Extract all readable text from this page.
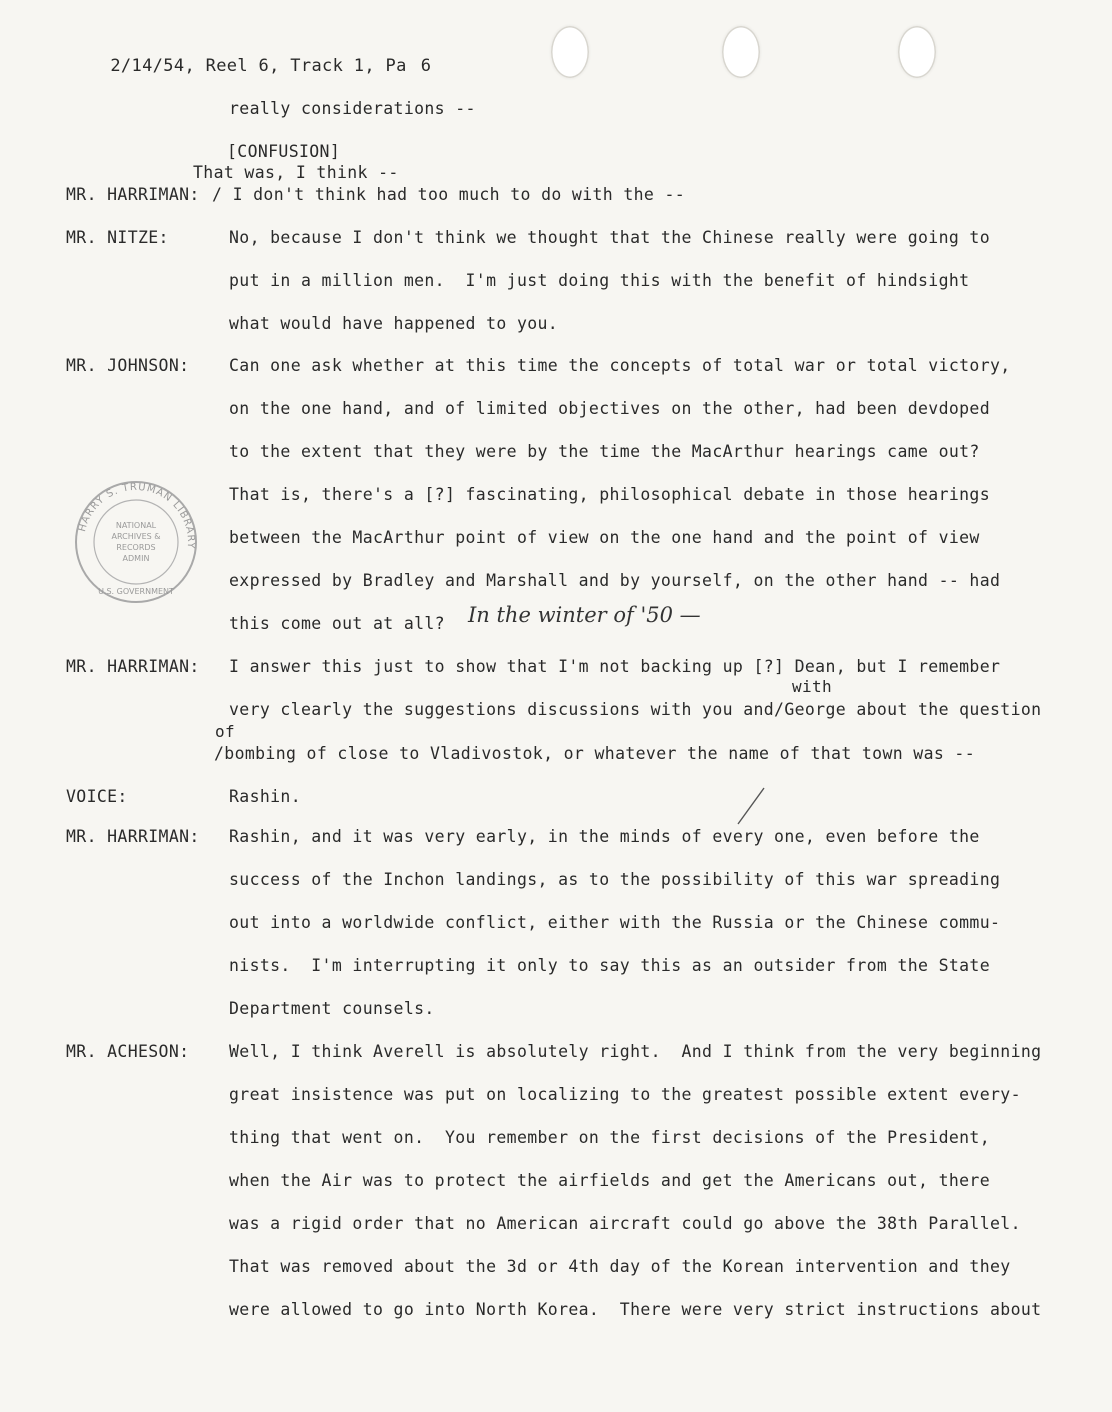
2/14/54, Reel 6, Track 1, Pa 6

MR. HARRIMAN:
MR. NITZE:
MR. JOHNSON:
MR. HARRIMAN:
VOICE:
MR. HARRIMAN:
MR. ACHESON:
really considerations --
[CONFUSION]
That was, I think --
/ I don't think had too much to do with the --
No, because I don't think we thought that the Chinese really were going to
put in a million men.  I'm just doing this with the benefit of hindsight
what would have happened to you.
Can one ask whether at this time the concepts of total war or total victory,
on the one hand, and of limited objectives on the other, had been devdoped
to the extent that they were by the time the MacArthur hearings came out?
That is, there's a [?] fascinating, philosophical debate in those hearings
between the MacArthur point of view on the one hand and the point of view
expressed by Bradley and Marshall and by yourself, on the other hand -- had
this come out at all? In the winter of '50 —
I answer this just to show that I'm not backing up [?] Dean, but I remember
with
very clearly the suggestions discussions with you and/George about the question
of
/bombing of close to Vladivostok, or whatever the name of that town was --
Rashin.
Rashin, and it was very early, in the minds of every one, even before the
success of the Inchon landings, as to the possibility of this war spreading
out into a worldwide conflict, either with the Russia or the Chinese commu-
nists.  I'm interrupting it only to say this as an outsider from the State
Department counsels.
Well, I think Averell is absolutely right.  And I think from the very beginning
great insistence was put on localizing to the greatest possible extent every-
thing that went on.  You remember on the first decisions of the President,
when the Air was to protect the airfields and get the Americans out, there
was a rigid order that no American aircraft could go above the 38th Parallel.
That was removed about the 3d or 4th day of the Korean intervention and they
were allowed to go into North Korea.  There were very strict instructions about
HARRY S. TRUMAN LIBRARY
NATIONAL
ARCHIVES &
RECORDS
ADMIN
U.S. GOVERNMENT
